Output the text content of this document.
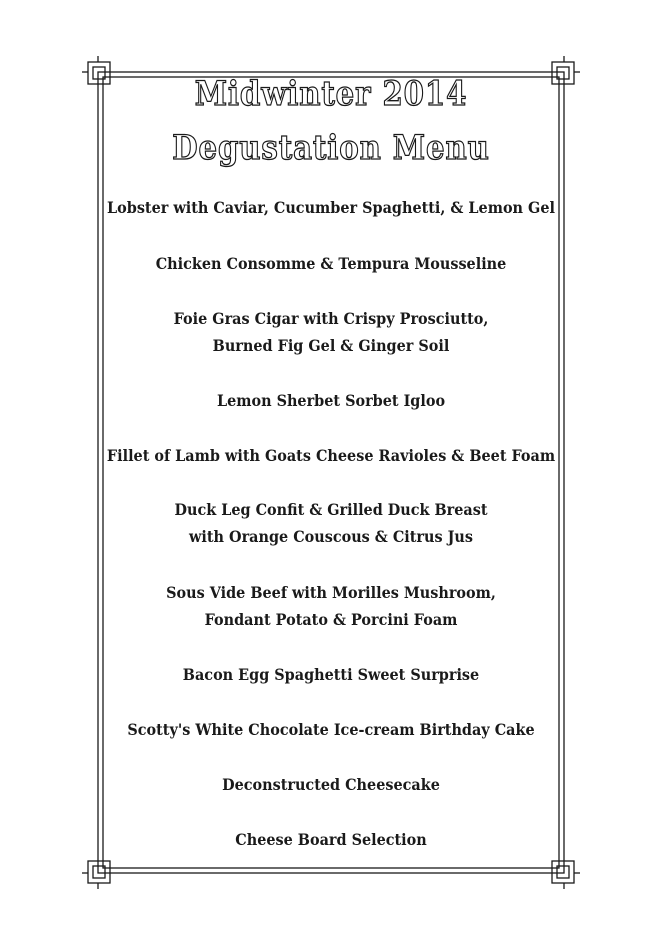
Midwinter 2014
Degustation Menu
Lobster with Caviar, Cucumber Spaghetti, & Lemon Gel
Chicken Consomme & Tempura Mousseline
Foie Gras Cigar with Crispy Prosciutto,
Burned Fig Gel & Ginger Soil
Lemon Sherbet Sorbet Igloo
Fillet of Lamb with Goats Cheese Ravioles & Beet Foam
Duck Leg Confit & Grilled Duck Breast
with Orange Couscous & Citrus Jus
Sous Vide Beef with Morilles Mushroom,
Fondant Potato & Porcini Foam
Bacon Egg Spaghetti Sweet Surprise
Scotty's White Chocolate Ice-cream Birthday Cake
Deconstructed Cheesecake
Cheese Board Selection
